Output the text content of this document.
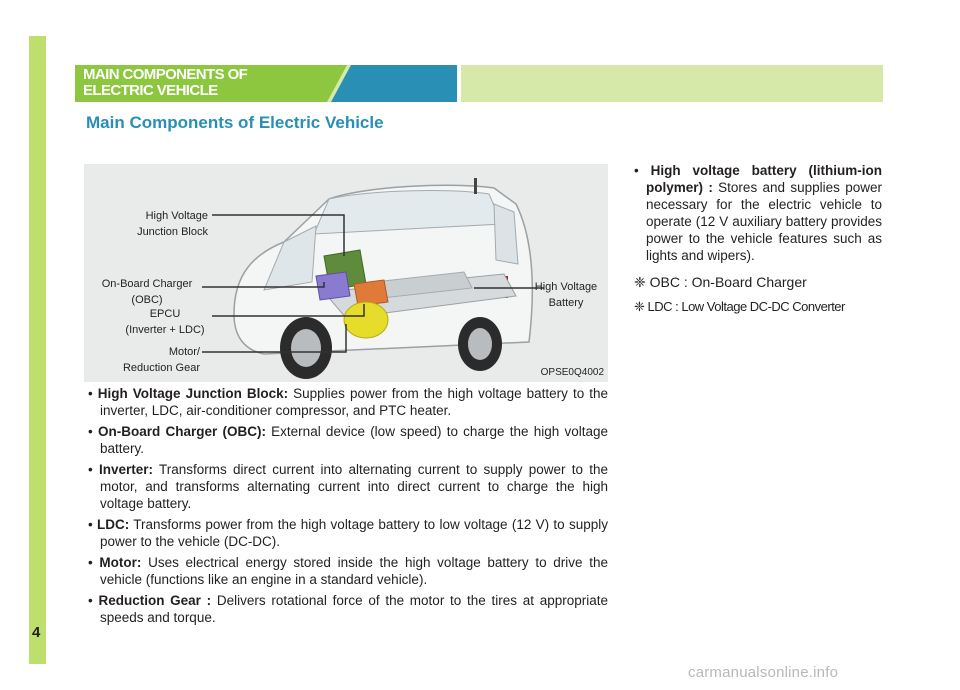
4
MAIN COMPONENTS OF
ELECTRIC VEHICLE
Main Components of Electric Vehicle
High Voltage
Junction Block
On-Board Charger
(OBC)
EPCU
(Inverter + LDC)
Motor/
Reduction Gear
High Voltage
Battery
OPSE0Q4002
• High Voltage Junction Block: Supplies power from the high voltage battery to the inverter, LDC, air-conditioner compressor, and PTC heater.
• On-Board Charger (OBC): External device (low speed) to charge the high voltage battery.
• Inverter: Transforms direct current into alternating current to supply power to the motor, and transforms alternating current into direct current to charge the high voltage battery.
• LDC: Transforms power from the high voltage battery to low voltage (12 V) to supply power to the vehicle (DC-DC).
• Motor: Uses electrical energy stored inside the high voltage battery to drive the vehicle (functions like an engine in a standard vehicle).
• Reduction Gear : Delivers rotational force of the motor to the tires at appropriate speeds and torque.
• High voltage battery (lithium-ion polymer) : Stores and supplies power necessary for the electric vehicle to operate (12 V auxiliary battery provides power to the vehicle features such as lights and wipers).
❈ OBC : On-Board Charger
❈ LDC : Low Voltage DC-DC Converter
carmanualsonline.info
